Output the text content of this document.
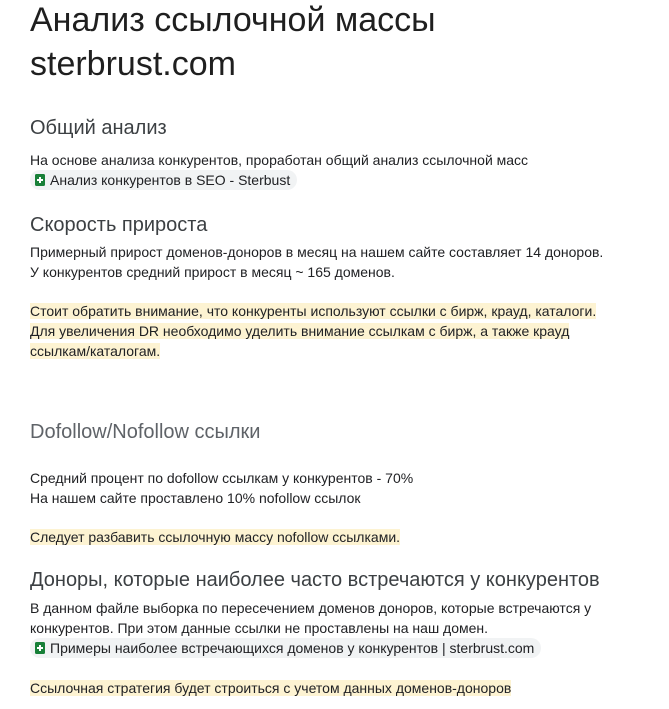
Анализ ссылочной массы
sterbrust.com
Общий анализ

На основе анализа конкурентов, проработан общий анализ ссылочной масс

Анализ конкурентов в SEO - Sterbust
Скорость прироста

Примерный прирост доменов-доноров в месяц на нашем сайте составляет 14 доноров.

У конкурентов средний прирост в месяц ~ 165 доменов.

Стоит обратить внимание, что конкуренты используют ссылки с бирж, крауд, каталоги.

Для увеличения DR необходимо уделить внимание ссылкам с бирж, а также крауд

ссылкам/каталогам.

Dofollow/Nofollow ссылки

Средний процент по dofollow ссылкам у конкурентов - 70%

На нашем сайте проставлено 10% nofollow ссылок

Следует разбавить ссылочную массу nofollow ссылками.

Доноры, которые наиболее часто встречаются у конкурентов

В данном файле выборка по пересечением доменов доноров, которые встречаются у

конкурентов. При этом данные ссылки не проставлены на наш домен.

Примеры наиболее встречающихся доменов у конкурентов | sterbrust.com

Ссылочная стратегия будет строиться с учетом данных доменов-доноров
